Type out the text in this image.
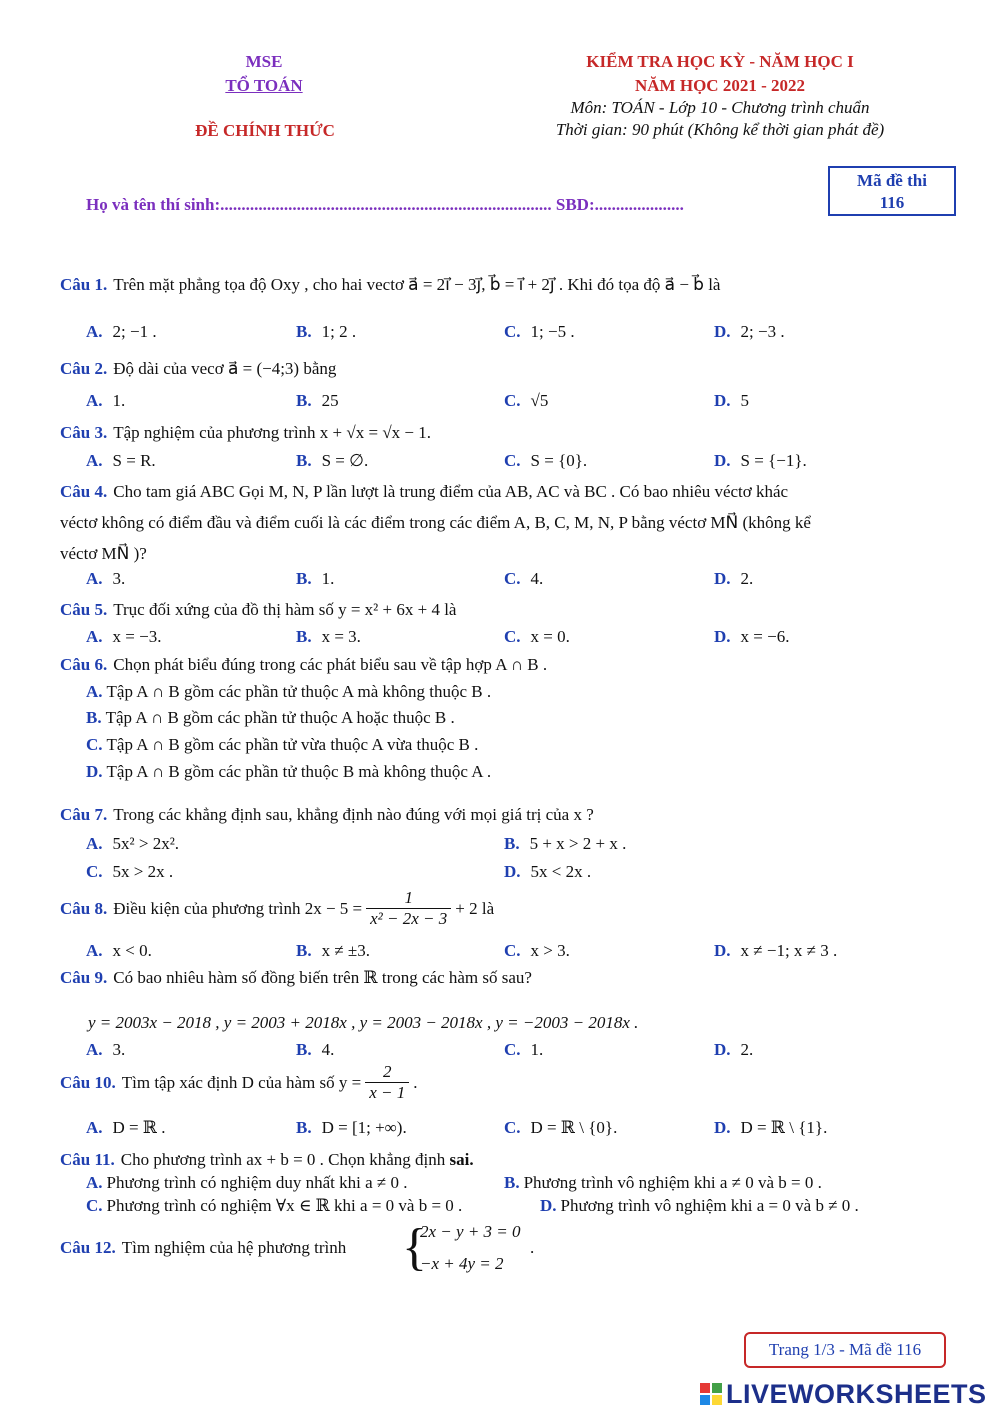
MSE
TỔ TOÁN
ĐỀ CHÍNH THỨC
KIỂM TRA HỌC KỲ - NĂM HỌC I
NĂM HỌC 2021 - 2022
Môn: TOÁN - Lớp 10 - Chương trình chuẩn
Thời gian: 90 phút (Không kể thời gian phát đề)
Mã đề thi
116
Họ và tên thí sinh:.............................................................................. SBD:.....................
Câu 1. Trên mặt phẳng tọa độ Oxy , cho hai vectơ a⃗ = 2i⃗ − 3j⃗, b⃗ = i⃗ + 2j⃗ . Khi đó tọa độ a⃗ − b⃗ là
A. 2; −1 .	B. 1; 2 .	C. 1; −5 .	D. 2; −3 .
Câu 2. Độ dài của vecơ a⃗ = (−4;3) bằng
A. 1.	B. 25	C. √5	D. 5
Câu 3. Tập nghiệm của phương trình x + √x = √x − 1.
A. S = R.	B. S = ∅.	C. S = {0}.	D. S = {−1}.
Câu 4. Cho tam giá ABC Gọi M, N, P lần lượt là trung điểm của AB, AC và BC . Có bao nhiêu véctơ khác
véctơ không có điểm đầu và điểm cuối là các điểm trong các điểm A, B, C, M, N, P bằng véctơ MN⃗ (không kể
véctơ MN⃗ )?
A. 3.	B. 1.	C. 4.	D. 2.
Câu 5. Trục đối xứng của đồ thị hàm số y = x² + 6x + 4 là
A. x = −3.	B. x = 3.	C. x = 0.	D. x = −6.
Câu 6. Chọn phát biểu đúng trong các phát biểu sau về tập hợp A ∩ B .
A. Tập A ∩ B gồm các phần tử thuộc A mà không thuộc B .
B. Tập A ∩ B gồm các phần tử thuộc A hoặc thuộc B .
C. Tập A ∩ B gồm các phần tử vừa thuộc A vừa thuộc B .
D. Tập A ∩ B gồm các phần tử thuộc B mà không thuộc A .
Câu 7. Trong các khẳng định sau, khẳng định nào đúng với mọi giá trị của x ?
A. 5x² > 2x².	B. 5 + x > 2 + x .
C. 5x > 2x .	D. 5x < 2x .
Câu 8. Điều kiện của phương trình $2x - 5 = \frac{1}{\text{x² − 2x − 3}} + 2$ là
A. x < 0.	B. x ≠ ±3.	C. x > 3.	D. x ≠ −1; x ≠ 3 .
Câu 9. Có bao nhiêu hàm số đồng biến trên ℝ trong các hàm số sau?
y = 2003x − 2018 , y = 2003 + 2018x , y = 2003 − 2018x , y = −2003 − 2018x .
A. 3.	B. 4.	C. 1.	D. 2.
Câu 10. Tìm tập xác định D của hàm số $y = \frac{2}{x - 1}$ .
A. D = ℝ .	B. D = [1; +∞).	C. D = ℝ \ {0}.	D. D = ℝ \ {1}.
Câu 11. Cho phương trình ax + b = 0 . Chọn khẳng định sai.
A. Phương trình có nghiệm duy nhất khi a ≠ 0 .	B. Phương trình vô nghiệm khi a ≠ 0 và b = 0 .
C. Phương trình có nghiệm ∀x ∈ ℝ khi a = 0 và b = 0 .	D. Phương trình vô nghiệm khi a = 0 và b ≠ 0 .
Câu 12. Tìm nghiệm của hệ phương trình {
2x − y + 3 = 0
−x + 4y = 2
.
Trang 1/3 - Mã đề 116
LIVEWORKSHEETS
